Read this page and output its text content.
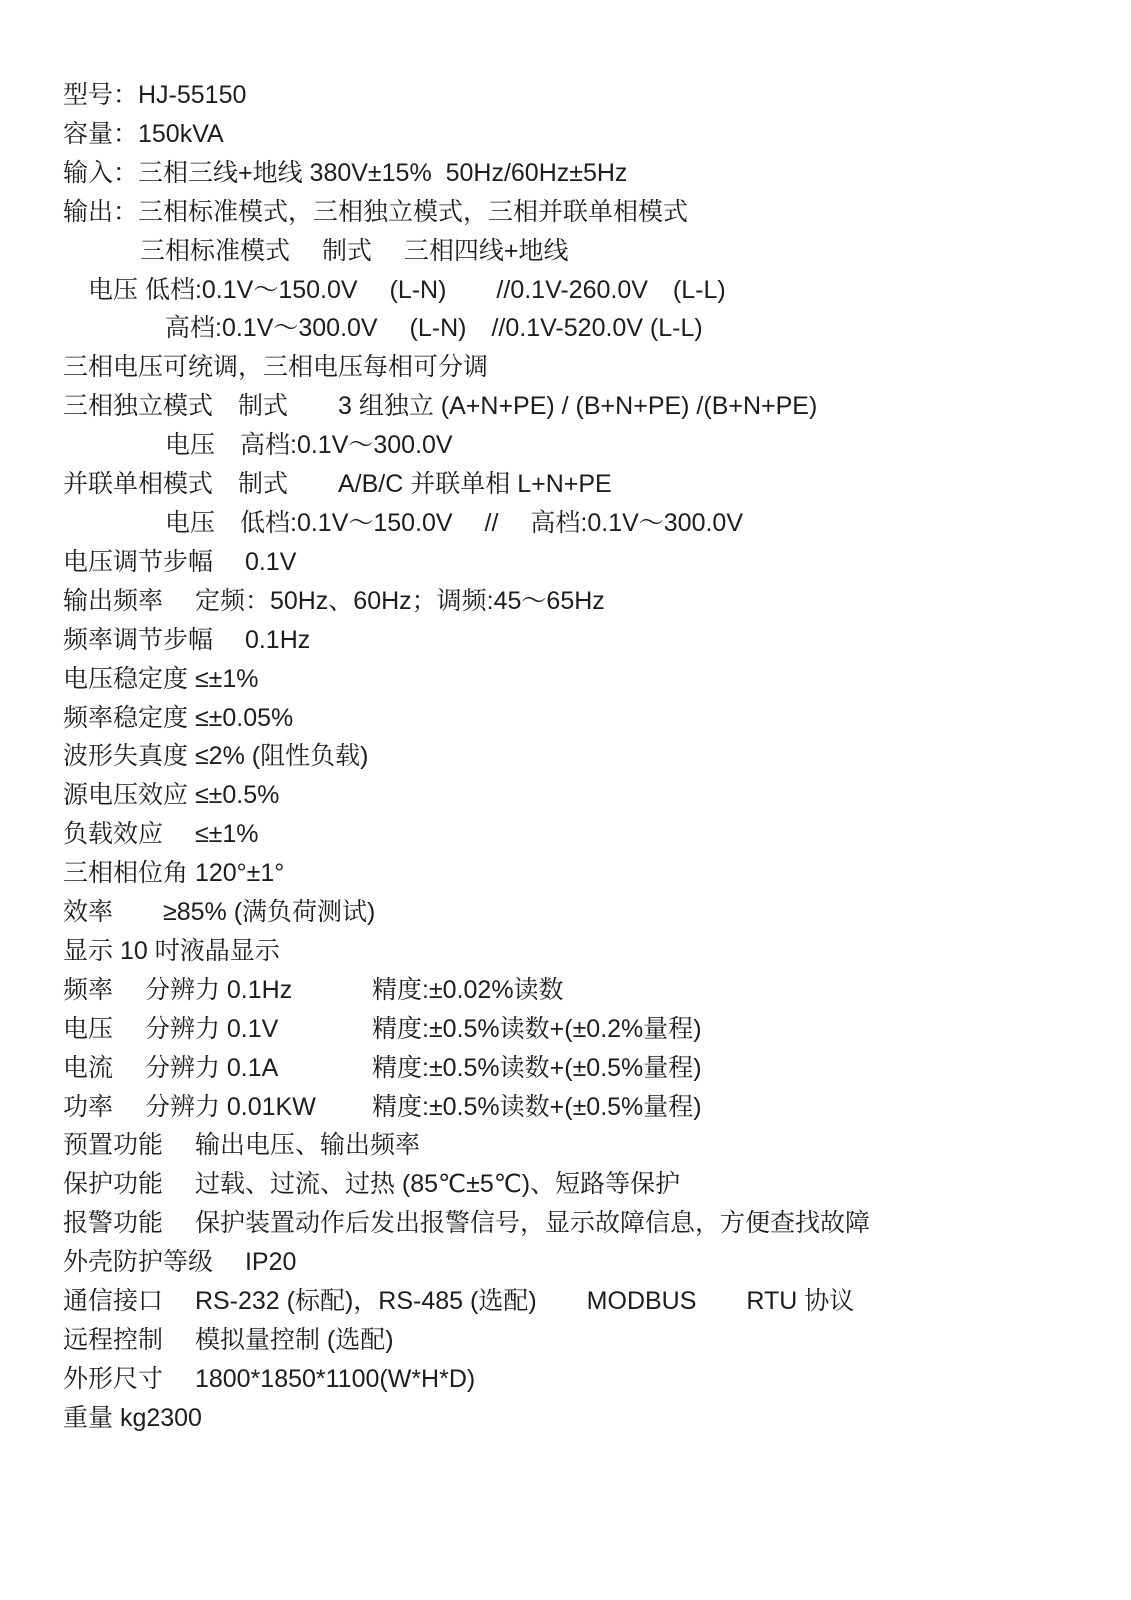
型号：HJ-55150
容量：150kVA
输入：三相三线+地线 380V±15%  50Hz/60Hz±5Hz
输出：三相标准模式，三相独立模式，三相并联单相模式
三相标准模式　 制式　 三相四线+地线
电压 低档:0.1V～150.0V　 (L-N)　　//0.1V-260.0V　(L-L)
高档:0.1V～300.0V　 (L-N)　//0.1V-520.0V (L-L)
三相电压可统调，三相电压每相可分调
三相独立模式　制式　　3 组独立 (A+N+PE) / (B+N+PE) /(B+N+PE)
电压　高档:0.1V～300.0V
并联单相模式　制式　　A/B/C 并联单相 L+N+PE
电压　低档:0.1V～150.0V　 //　 高档:0.1V～300.0V
电压调节步幅　 0.1V
输出频率　 定频：50Hz、60Hz；调频:45～65Hz
频率调节步幅　 0.1Hz
电压稳定度 ≤±1%
频率稳定度 ≤±0.05%
波形失真度 ≤2% (阻性负载)
源电压效应 ≤±0.5%
负载效应　 ≤±1%
三相相位角 120°±1°
效率　　≥85% (满负荷测试)
显示 10 吋液晶显示
频率　 分辨力 0.1Hz	精度:±0.02%读数
电压　 分辨力 0.1V	精度:±0.5%读数+(±0.2%量程)
电流　 分辨力 0.1A	精度:±0.5%读数+(±0.5%量程)
功率　 分辨力 0.01KW 精度:±0.5%读数+(±0.5%量程)
预置功能　 输出电压、输出频率
保护功能　 过载、过流、过热 (85℃±5℃)、短路等保护
报警功能　 保护装置动作后发出报警信号，显示故障信息，方便查找故障
外壳防护等级　 IP20
通信接口　 RS-232 (标配)，RS-485 (选配)　　MODBUS　　RTU 协议
远程控制　 模拟量控制 (选配)
外形尺寸　 1800*1850*1100(W*H*D)
重量 kg2300
